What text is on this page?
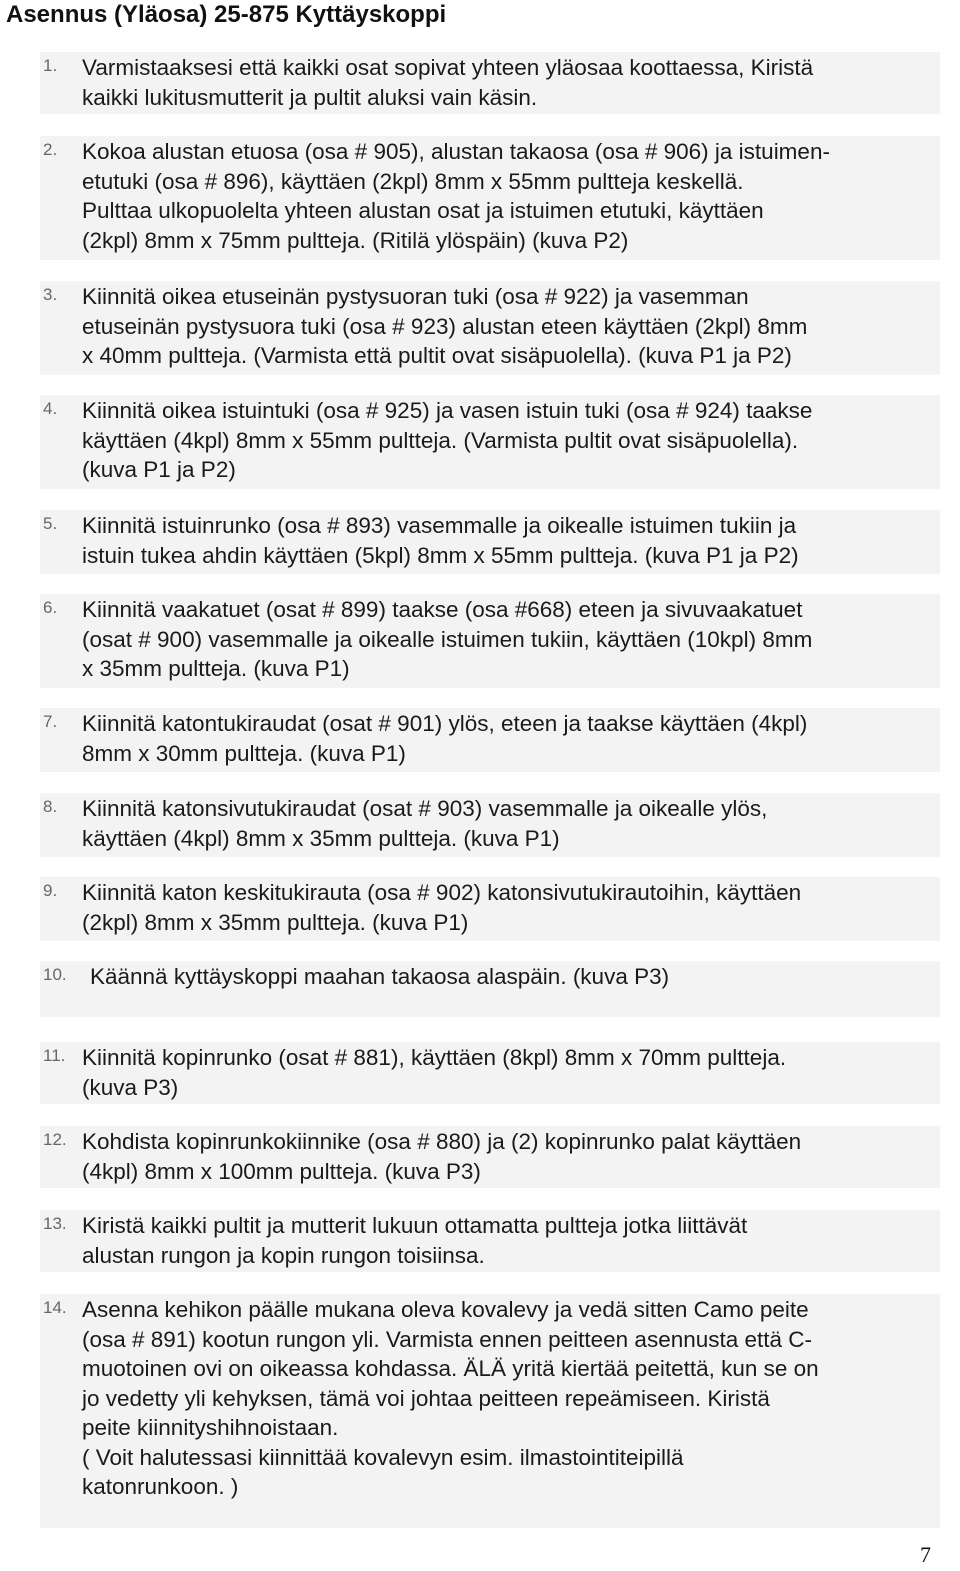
Asennus (Yläosa) 25-875 Kyttäyskoppi
1. Varmistaaksesi että kaikki osat sopivat yhteen yläosaa koottaessa, Kiristä
kaikki lukitusmutterit ja pultit aluksi vain käsin.
2. Kokoa alustan etuosa (osa # 905), alustan takaosa (osa # 906) ja istuimen-
etutuki (osa # 896), käyttäen (2kpl) 8mm x 55mm pultteja keskellä.
Pulttaa ulkopuolelta yhteen alustan osat ja istuimen etutuki, käyttäen
(2kpl) 8mm x 75mm pultteja. (Ritilä ylöspäin) (kuva P2)
3. Kiinnitä oikea etuseinän pystysuoran tuki (osa # 922) ja vasemman
etuseinän pystysuora tuki (osa # 923) alustan eteen käyttäen (2kpl) 8mm
x 40mm pultteja. (Varmista että pultit ovat sisäpuolella). (kuva P1 ja P2)
4. Kiinnitä oikea istuintuki (osa # 925) ja vasen istuin tuki (osa # 924) taakse
käyttäen (4kpl) 8mm x 55mm pultteja. (Varmista pultit ovat sisäpuolella).
(kuva P1 ja P2)
5. Kiinnitä istuinrunko (osa # 893) vasemmalle ja oikealle istuimen tukiin ja
istuin tukea ahdin käyttäen (5kpl) 8mm x 55mm pultteja. (kuva P1 ja P2)
6. Kiinnitä vaakatuet (osat # 899) taakse (osa #668) eteen ja sivuvaakatuet
(osat # 900) vasemmalle ja oikealle istuimen tukiin, käyttäen (10kpl) 8mm
x 35mm pultteja. (kuva P1)
7. Kiinnitä katontukiraudat (osat # 901) ylös, eteen ja taakse käyttäen (4kpl)
8mm x 30mm pultteja. (kuva P1)
8. Kiinnitä katonsivutukiraudat (osat # 903) vasemmalle ja oikealle ylös,
käyttäen (4kpl) 8mm x 35mm pultteja. (kuva P1)
9. Kiinnitä katon keskitukirauta (osa # 902) katonsivutukirautoihin, käyttäen
(2kpl) 8mm x 35mm pultteja. (kuva P1)
10. Käännä kyttäyskoppi maahan takaosa alaspäin. (kuva P3)
11. Kiinnitä kopinrunko (osat # 881), käyttäen (8kpl) 8mm x 70mm pultteja.
(kuva P3)
12. Kohdista kopinrunkokiinnike (osa # 880) ja (2) kopinrunko palat käyttäen
(4kpl) 8mm x 100mm pultteja. (kuva P3)
13. Kiristä kaikki pultit ja mutterit lukuun ottamatta pultteja jotka liittävät
alustan rungon ja kopin rungon toisiinsa.
14. Asenna kehikon päälle mukana oleva kovalevy ja vedä sitten Camo peite
(osa # 891) kootun rungon yli. Varmista ennen peitteen asennusta että C-
muotoinen ovi on oikeassa kohdassa. ÄLÄ yritä kiertää peitettä, kun se on
jo vedetty yli kehyksen, tämä voi johtaa peitteen repeämiseen. Kiristä
peite kiinnityshihnoistaan.
( Voit halutessasi kiinnittää kovalevyn esim. ilmastointiteipillä
katonrunkoon. )
7
